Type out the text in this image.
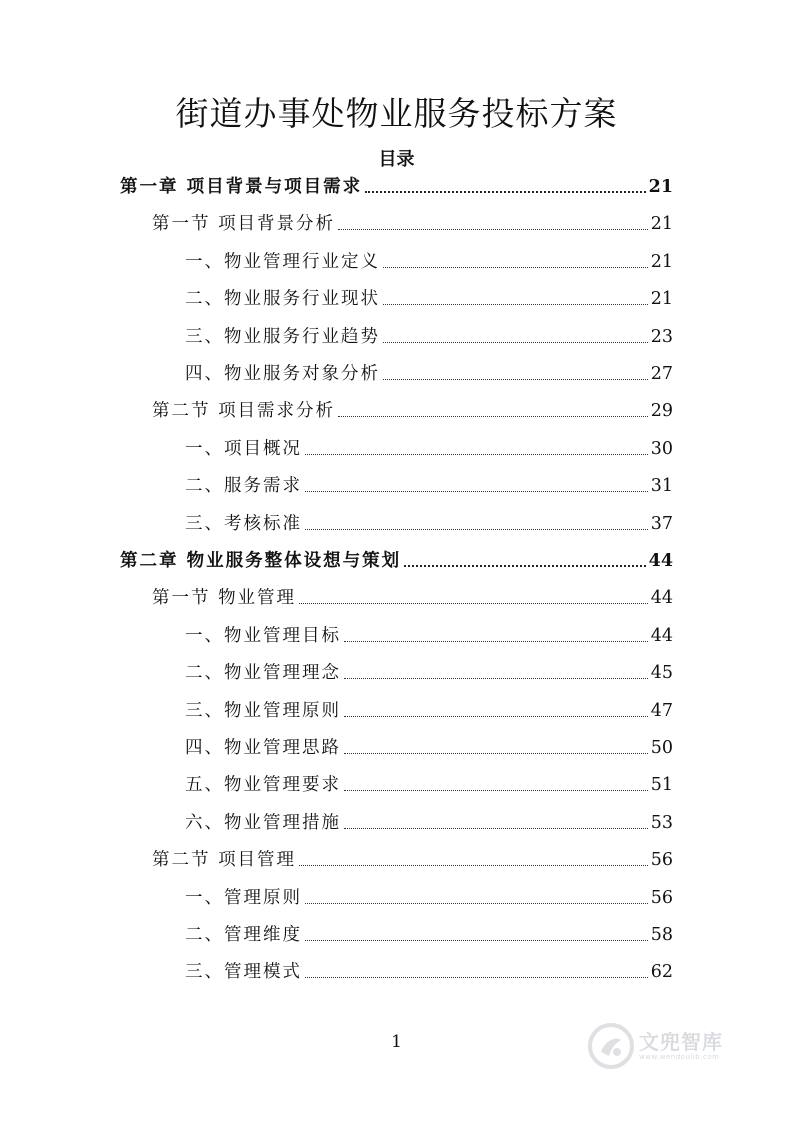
街道办事处物业服务投标方案
目录
第一章 项目背景与项目需求	21
第一节 项目背景分析	21
一、物业管理行业定义	21
二、物业服务行业现状	21
三、物业服务行业趋势	23
四、物业服务对象分析	27
第二节 项目需求分析	29
一、项目概况	30
二、服务需求	31
三、考核标准	37
第二章 物业服务整体设想与策划	44
第一节 物业管理	44
一、物业管理目标	44
二、物业管理理念	45
三、物业管理原则	47
四、物业管理思路	50
五、物业管理要求	51
六、物业管理措施	53
第二节 项目管理	56
一、管理原则	56
二、管理维度	58
三、管理模式	62
1	文兜智库
www.wendoulib.com
